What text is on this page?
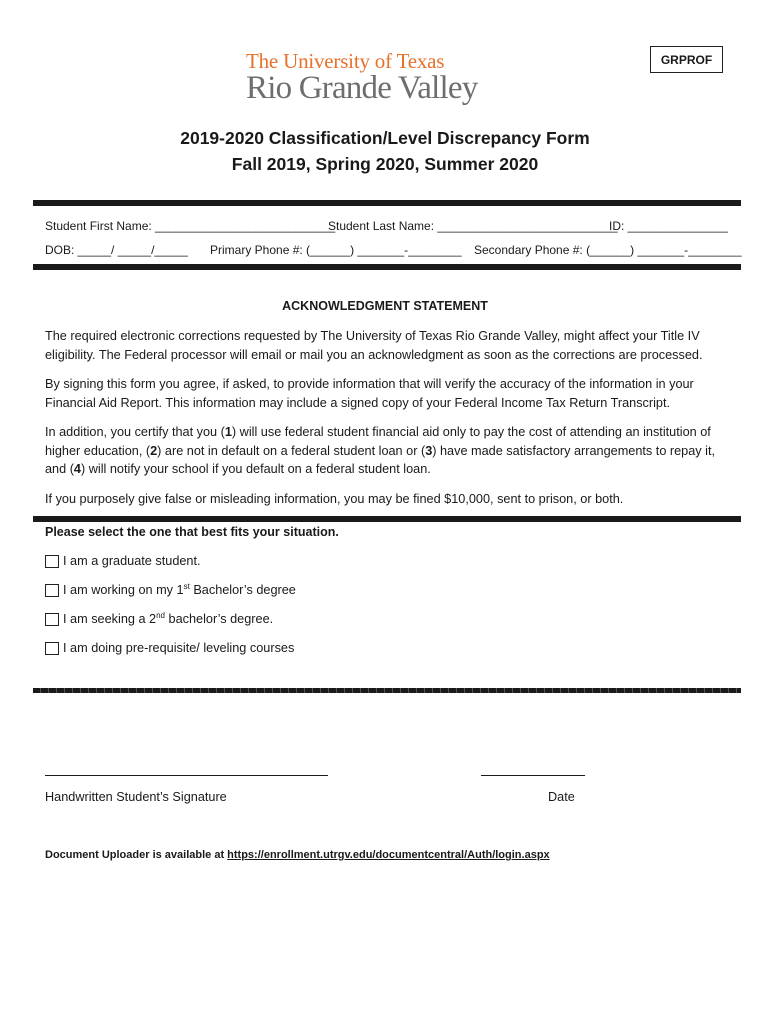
The University of Texas
Rio Grande Valley
GRPROF
2019-2020 Classification/Level Discrepancy Form
Fall 2019, Spring 2020, Summer 2020
Student First Name: ___________________________
Student Last Name: ___________________________
ID: _______________
DOB: _____/ _____/_____ Primary Phone #: (______) _______-________ Secondary Phone #: (______) _______-________
ACKNOWLEDGMENT STATEMENT

The required electronic corrections requested by The University of Texas Rio Grande Valley, might affect your Title IV eligibility. The Federal processor will email or mail you an acknowledgment as soon as the corrections are processed.

By signing this form you agree, if asked, to provide information that will verify the accuracy of the information in your Financial Aid Report. This information may include a signed copy of your Federal Income Tax Return Transcript.

In addition, you certify that you (1) will use federal student financial aid only to pay the cost of attending an institution of higher education, (2) are not in default on a federal student loan or (3) have made satisfactory arrangements to repay it, and (4) will notify your school if you default on a federal student loan.

If you purposely give false or misleading information, you may be fined $10,000, sent to prison, or both.

Please select the one that best fits your situation.
I am a graduate student.
I am working on my 1st Bachelor’s degree
I am seeking a 2nd bachelor’s degree.
I am doing pre-requisite/ leveling courses
Handwritten Student’s Signature	Date
Document Uploader is available at https://enrollment.utrgv.edu/documentcentral/Auth/login.aspx
